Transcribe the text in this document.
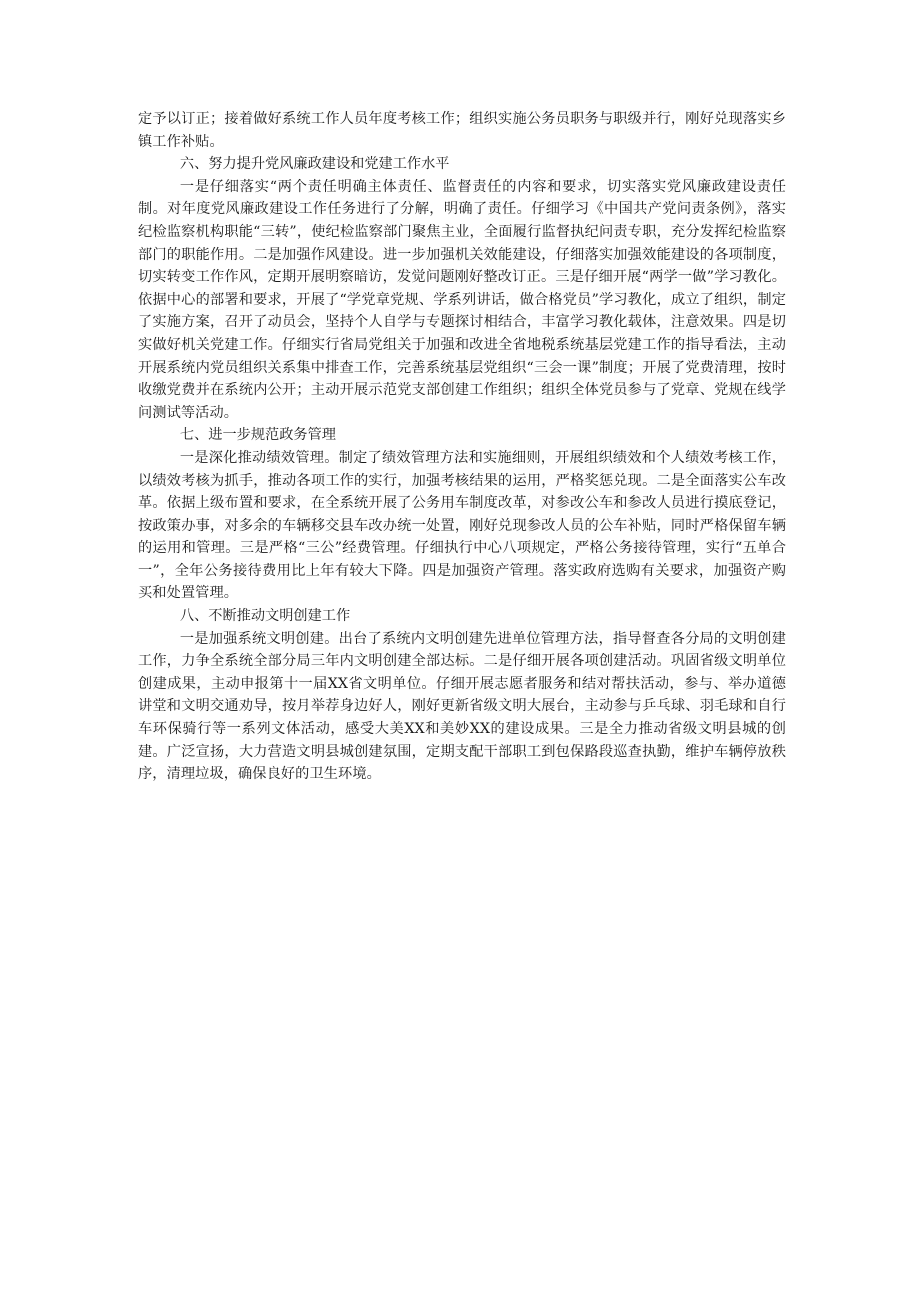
定予以订正；接着做好系统工作人员年度考核工作；组织实施公务员职务与职级并行，刚好兑现落实乡镇工作补贴。

六、努力提升党风廉政建设和党建工作水平

一是仔细落实“两个责任明确主体责任、监督责任的内容和要求，切实落实党风廉政建设责任制。对年度党风廉政建设工作任务进行了分解，明确了责任。仔细学习《中国共产党问责条例》，落实纪检监察机构职能“三转”，使纪检监察部门聚焦主业，全面履行监督执纪问责专职，充分发挥纪检监察部门的职能作用。二是加强作风建设。进一步加强机关效能建设，仔细落实加强效能建设的各项制度，切实转变工作作风，定期开展明察暗访，发觉问题刚好整改订正。三是仔细开展“两学一做”学习教化。依据中心的部署和要求，开展了“学党章党规、学系列讲话，做合格党员”学习教化，成立了组织，制定了实施方案，召开了动员会，坚持个人自学与专题探讨相结合，丰富学习教化载体，注意效果。四是切实做好机关党建工作。仔细实行省局党组关于加强和改进全省地税系统基层党建工作的指导看法，主动开展系统内党员组织关系集中排查工作，完善系统基层党组织“三会一课”制度；开展了党费清理，按时收缴党费并在系统内公开；主动开展示范党支部创建工作组织；组织全体党员参与了党章、党规在线学问测试等活动。

七、进一步规范政务管理

一是深化推动绩效管理。制定了绩效管理方法和实施细则，开展组织绩效和个人绩效考核工作，以绩效考核为抓手，推动各项工作的实行，加强考核结果的运用，严格奖惩兑现。二是全面落实公车改革。依据上级布置和要求，在全系统开展了公务用车制度改革，对参改公车和参改人员进行摸底登记，按政策办事，对多余的车辆移交县车改办统一处置，刚好兑现参改人员的公车补贴，同时严格保留车辆的运用和管理。三是严格“三公”经费管理。仔细执行中心八项规定，严格公务接待管理，实行“五单合一”，全年公务接待费用比上年有较大下降。四是加强资产管理。落实政府选购有关要求，加强资产购买和处置管理。

八、不断推动文明创建工作

一是加强系统文明创建。出台了系统内文明创建先进单位管理方法，指导督查各分局的文明创建工作，力争全系统全部分局三年内文明创建全部达标。二是仔细开展各项创建活动。巩固省级文明单位创建成果，主动申报第十一届XX省文明单位。仔细开展志愿者服务和结对帮扶活动，参与、举办道德讲堂和文明交通劝导，按月举荐身边好人，刚好更新省级文明大展台，主动参与乒乓球、羽毛球和自行车环保骑行等一系列文体活动，感受大美XX和美妙XX的建设成果。三是全力推动省级文明县城的创建。广泛宣扬，大力营造文明县城创建氛围，定期支配干部职工到包保路段巡查执勤，维护车辆停放秩序，清理垃圾，确保良好的卫生环境。
